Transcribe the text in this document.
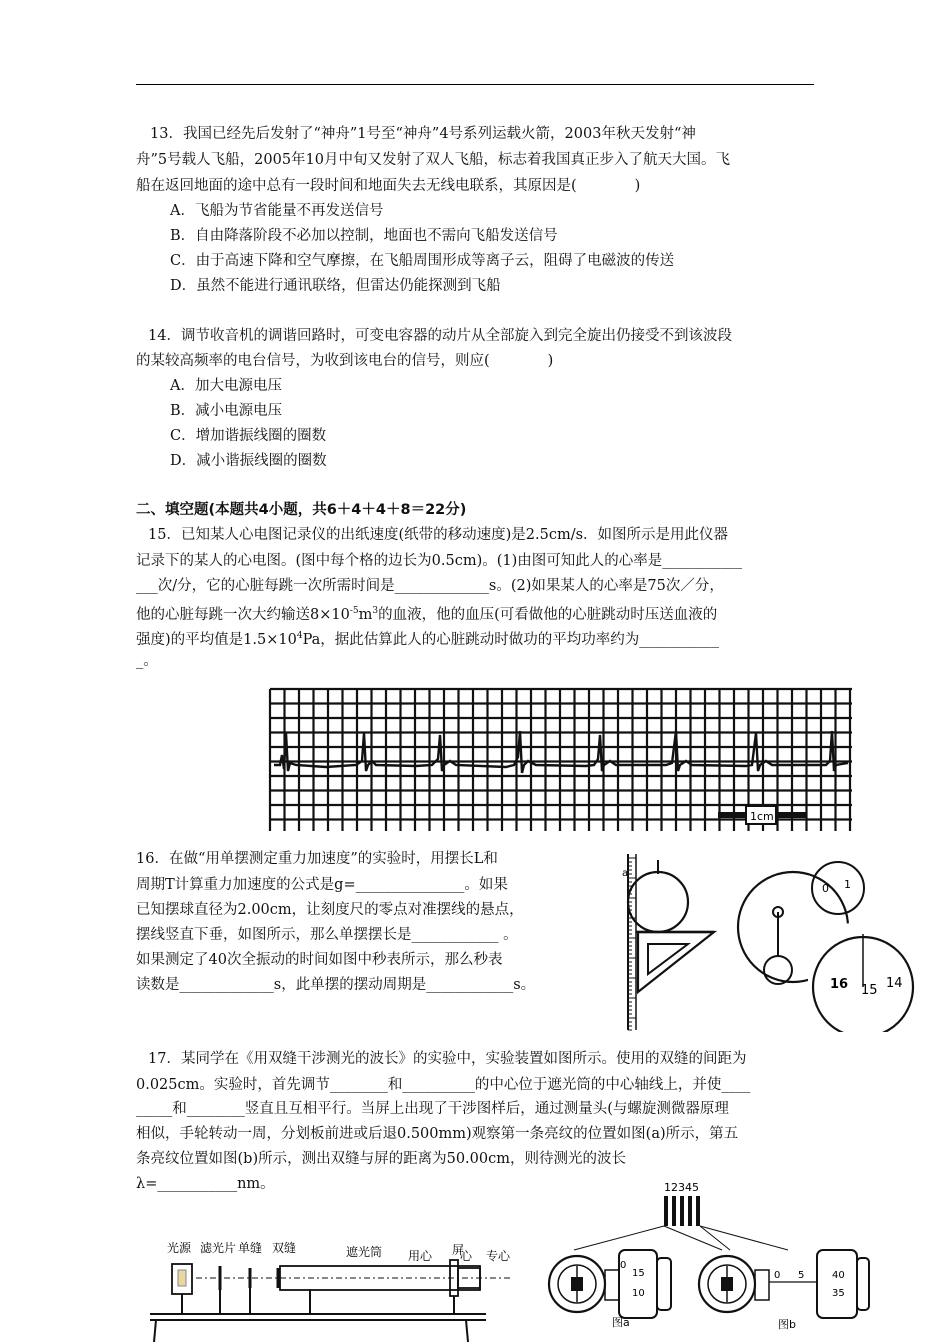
13．我国已经先后发射了“神舟”1号至“神舟”4号系列运载火箭，2003年秋天发射“神
舟”5号载人飞船，2005年10月中旬又发射了双人飞船，标志着我国真正步入了航天大国。飞
船在返回地面的途中总有一段时间和地面失去无线电联系，其原因是(　　　　)
A．飞船为节省能量不再发送信号
B．自由降落阶段不必加以控制，地面也不需向飞船发送信号
C．由于高速下降和空气摩擦，在飞船周围形成等离子云，阻碍了电磁波的传送
D．虽然不能进行通讯联络，但雷达仍能探测到飞船
14．调节收音机的调谐回路时，可变电容器的动片从全部旋入到完全旋出仍接受不到该波段
的某较高频率的电台信号，为收到该电台的信号，则应(　　　　)
A．加大电源电压
B．减小电源电压
C．增加谐振线圈的圈数
D．减小谐振线圈的圈数
二、填空题(本题共4小题，共6＋4＋4＋8＝22分)
15．已知某人心电图记录仪的出纸速度(纸带的移动速度)是2.5cm/s．如图所示是用此仪器
记录下的某人的心电图。(图中每个格的边长为0.5cm)。(1)由图可知此人的心率是___________
___次/分，它的心脏每跳一次所需时间是_____________s。(2)如果某人的心率是75次／分，
他的心脏每跳一次大约输送$8\times 10^{-5}m^3$的血液，他的血压(可看做他的心脏跳动时压送血液的
强度)的平均值是$1.5\times 10^4Pa$，据此估算此人的心脏跳动时做功的平均功率约为___________
_。
1cm
16．在做“用单摆测定重力加速度”的实验时，用摆长L和
周期T计算重力加速度的公式是g=_______________。如果
已知摆球直径为2.00cm，让刻度尺的零点对准摆线的悬点，
摆线竖直下垂，如图所示，那么单摆摆长是____________ 。
如果测定了40次全振动的时间如图中秒表所示，那么秒表
读数是_____________s，此单摆的摆动周期是____________s。
a
0 1
16 15 14
17．某同学在《用双缝干涉测光的波长》的实验中，实验装置如图所示。使用的双缝的间距为
0.025cm。实验时，首先调节________和__________的中心位于遮光筒的中心轴线上，并使____
_____和________竖直且互相平行。当屏上出现了干涉图样后，通过测量头(与螺旋测微器原理
相似，手轮转动一周，分划板前进或后退0.500mm)观察第一条亮纹的位置如图(a)所示，第五
条亮纹位置如图(b)所示，测出双缝与屏的距离为50.00cm，则待测光的波长
λ=___________nm。
光源 滤光片 单缝 双缝	遮光筒 用心 屏
心 专心
12345
0
15
10
图a
0 5	40
35
图b
